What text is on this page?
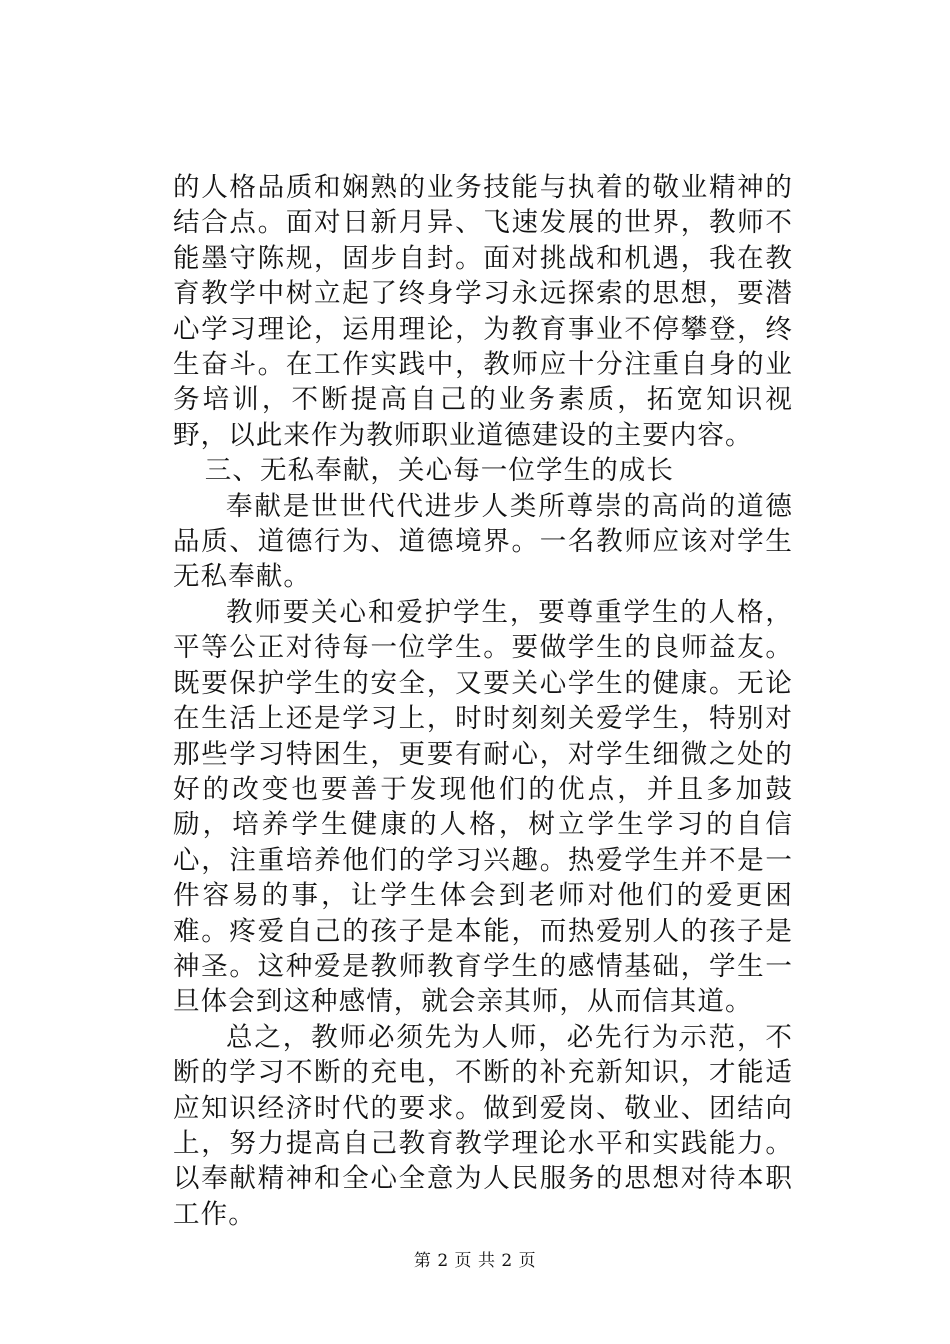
的人格品质和娴熟的业务技能与执着的敬业精神的结合点。面对日新月异、飞速发展的世界，教师不能墨守陈规，固步自封。面对挑战和机遇，我在教育教学中树立起了终身学习永远探索的思想，要潜心学习理论，运用理论，为教育事业不停攀登，终生奋斗。在工作实践中，教师应十分注重自身的业务培训，不断提高自己的业务素质，拓宽知识视野，以此来作为教师职业道德建设的主要内容。

三、无私奉献，关心每一位学生的成长

奉献是世世代代进步人类所尊崇的高尚的道德品质、道德行为、道德境界。一名教师应该对学生无私奉献。

教师要关心和爱护学生，要尊重学生的人格，平等公正对待每一位学生。要做学生的良师益友。既要保护学生的安全，又要关心学生的健康。无论在生活上还是学习上，时时刻刻关爱学生，特别对那些学习特困生，更要有耐心，对学生细微之处的好的改变也要善于发现他们的优点，并且多加鼓励，培养学生健康的人格，树立学生学习的自信心，注重培养他们的学习兴趣。热爱学生并不是一件容易的事，让学生体会到老师对他们的爱更困难。疼爱自己的孩子是本能，而热爱别人的孩子是神圣。这种爱是教师教育学生的感情基础，学生一旦体会到这种感情，就会亲其师，从而信其道。

总之，教师必须先为人师，必先行为示范，不断的学习不断的充电，不断的补充新知识，才能适应知识经济时代的要求。做到爱岗、敬业、团结向上，努力提高自己教育教学理论水平和实践能力。以奉献精神和全心全意为人民服务的思想对待本职工作。

第 2 页 共 2 页
